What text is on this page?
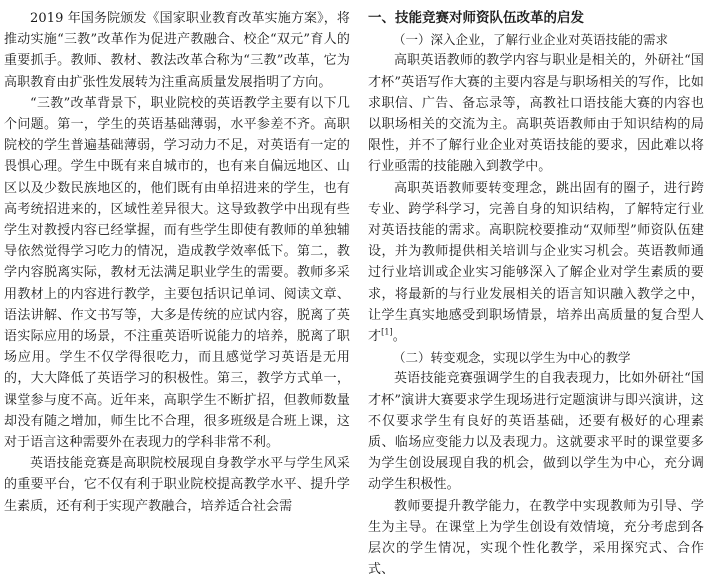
2019 年国务院颁发《国家职业教育改革实施方案》，将推动实施“三教”改革作为促进产教融合、校企“双元”育人的重要抓手。教师、教材、教法改革合称为“三教”改革，它为高职教育由扩张性发展转为注重高质量发展指明了方向。

“三教”改革背景下，职业院校的英语教学主要有以下几个问题。第一，学生的英语基础薄弱，水平参差不齐。高职院校的学生普遍基础薄弱，学习动力不足，对英语有一定的畏惧心理。学生中既有来自城市的，也有来自偏远地区、山区以及少数民族地区的，他们既有由单招进来的学生，也有高考统招进来的，区域性差异很大。这导致教学中出现有些学生对教授内容已经掌握，而有些学生即使有教师的单独辅导依然觉得学习吃力的情况，造成教学效率低下。第二，教学内容脱离实际，教材无法满足职业学生的需要。教师多采用教材上的内容进行教学，主要包括识记单词、阅读文章、语法讲解、作文书写等，大多是传统的应试内容，脱离了英语实际应用的场景，不注重英语听说能力的培养，脱离了职场应用。学生不仅学得很吃力，而且感觉学习英语是无用的，大大降低了英语学习的积极性。第三，教学方式单一，课堂参与度不高。近年来，高职学生不断扩招，但教师数量却没有随之增加，师生比不合理，很多班级是合班上课，这对于语言这种需要外在表现力的学科非常不利。

英语技能竞赛是高职院校展现自身教学水平与学生风采的重要平台，它不仅有利于职业院校提高教学水平、提升学生素质，还有利于实现产教融合，培养适合社会需

一、技能竞赛对师资队伍改革的启发
（一）深入企业，了解行业企业对英语技能的需求

高职英语教师的教学内容与职业是相关的，外研社“国才杯”英语写作大赛的主要内容是与职场相关的写作，比如求职信、广告、备忘录等，高教社口语技能大赛的内容也以职场相关的交流为主。高职英语教师由于知识结构的局限性，并不了解行业企业对英语技能的要求，因此难以将行业亟需的技能融入到教学中。

高职英语教师要转变理念，跳出固有的圈子，进行跨专业、跨学科学习，完善自身的知识结构，了解特定行业对英语技能的需求。高职院校要推动“双师型”师资队伍建设，并为教师提供相关培训与企业实习机会。英语教师通过行业培训或企业实习能够深入了解企业对学生素质的要求，将最新的与行业发展相关的语言知识融入教学之中，让学生真实地感受到职场情景，培养出高质量的复合型人才[1]。

（二）转变观念，实现以学生为中心的教学

英语技能竞赛强调学生的自我表现力，比如外研社“国才杯”演讲大赛要求学生现场进行定题演讲与即兴演讲，这不仅要求学生有良好的英语基础，还要有极好的心理素质、临场应变能力以及表现力。这就要求平时的课堂要多为学生创设展现自我的机会，做到以学生为中心，充分调动学生积极性。

教师要提升教学能力，在教学中实现教师为引导、学生为主导。在课堂上为学生创设有效情境，充分考虑到各层次的学生情况，实现个性化教学，采用探究式、合作式、
